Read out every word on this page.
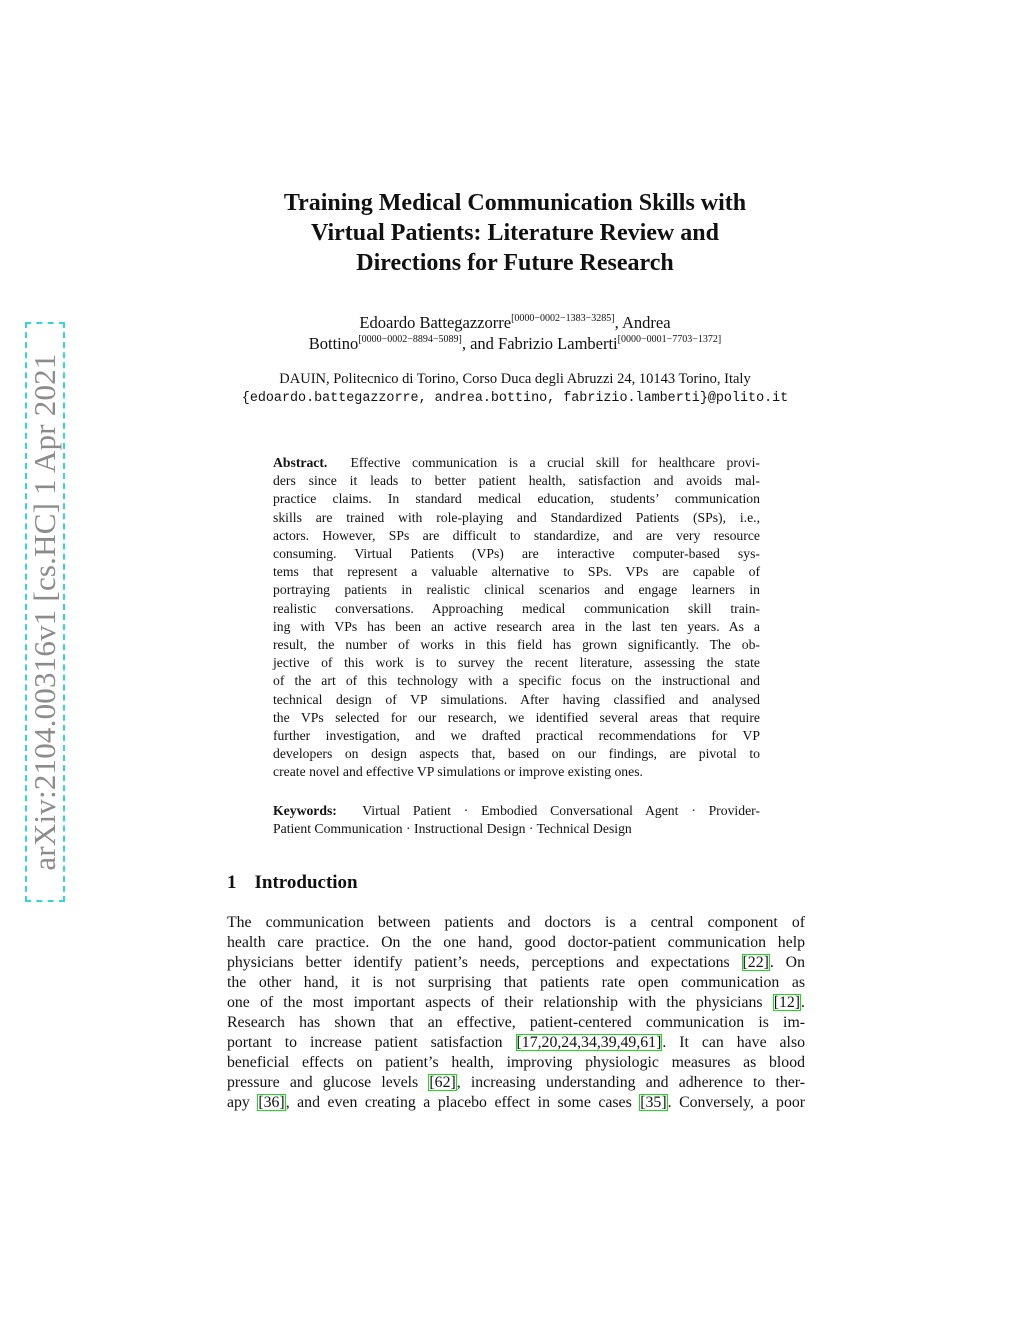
arXiv:2104.00316v1 [cs.HC] 1 Apr 2021
Training Medical Communication Skills with
Virtual Patients: Literature Review and
Directions for Future Research
Edoardo Battegazzorre[0000−0002−1383−3285], Andrea
Bottino[0000−0002−8894−5089], and Fabrizio Lamberti[0000−0001−7703−1372]
DAUIN, Politecnico di Torino, Corso Duca degli Abruzzi 24, 10143 Torino, Italy
{edoardo.battegazzorre, andrea.bottino, fabrizio.lamberti}@polito.it
Abstract. Effective communication is a crucial skill for healthcare provi-
ders since it leads to better patient health, satisfaction and avoids mal-
practice claims. In standard medical education, students’ communication
skills are trained with role-playing and Standardized Patients (SPs), i.e.,
actors. However, SPs are difficult to standardize, and are very resource
consuming. Virtual Patients (VPs) are interactive computer-based sys-
tems that represent a valuable alternative to SPs. VPs are capable of
portraying patients in realistic clinical scenarios and engage learners in
realistic conversations. Approaching medical communication skill train-
ing with VPs has been an active research area in the last ten years. As a
result, the number of works in this field has grown significantly. The ob-
jective of this work is to survey the recent literature, assessing the state
of the art of this technology with a specific focus on the instructional and
technical design of VP simulations. After having classified and analysed
the VPs selected for our research, we identified several areas that require
further investigation, and we drafted practical recommendations for VP
developers on design aspects that, based on our findings, are pivotal to
create novel and effective VP simulations or improve existing ones.
Keywords: Virtual Patient · Embodied Conversational Agent · Provider-
Patient Communication · Instructional Design · Technical Design
1 Introduction
The communication between patients and doctors is a central component of
health care practice. On the one hand, good doctor-patient communication help
physicians better identify patient’s needs, perceptions and expectations [22]. On
the other hand, it is not surprising that patients rate open communication as
one of the most important aspects of their relationship with the physicians [12].
Research has shown that an effective, patient-centered communication is im-
portant to increase patient satisfaction [17,20,24,34,39,49,61]. It can have also
beneficial effects on patient’s health, improving physiologic measures as blood
pressure and glucose levels [62], increasing understanding and adherence to ther-
apy [36], and even creating a placebo effect in some cases [35]. Conversely, a poor
